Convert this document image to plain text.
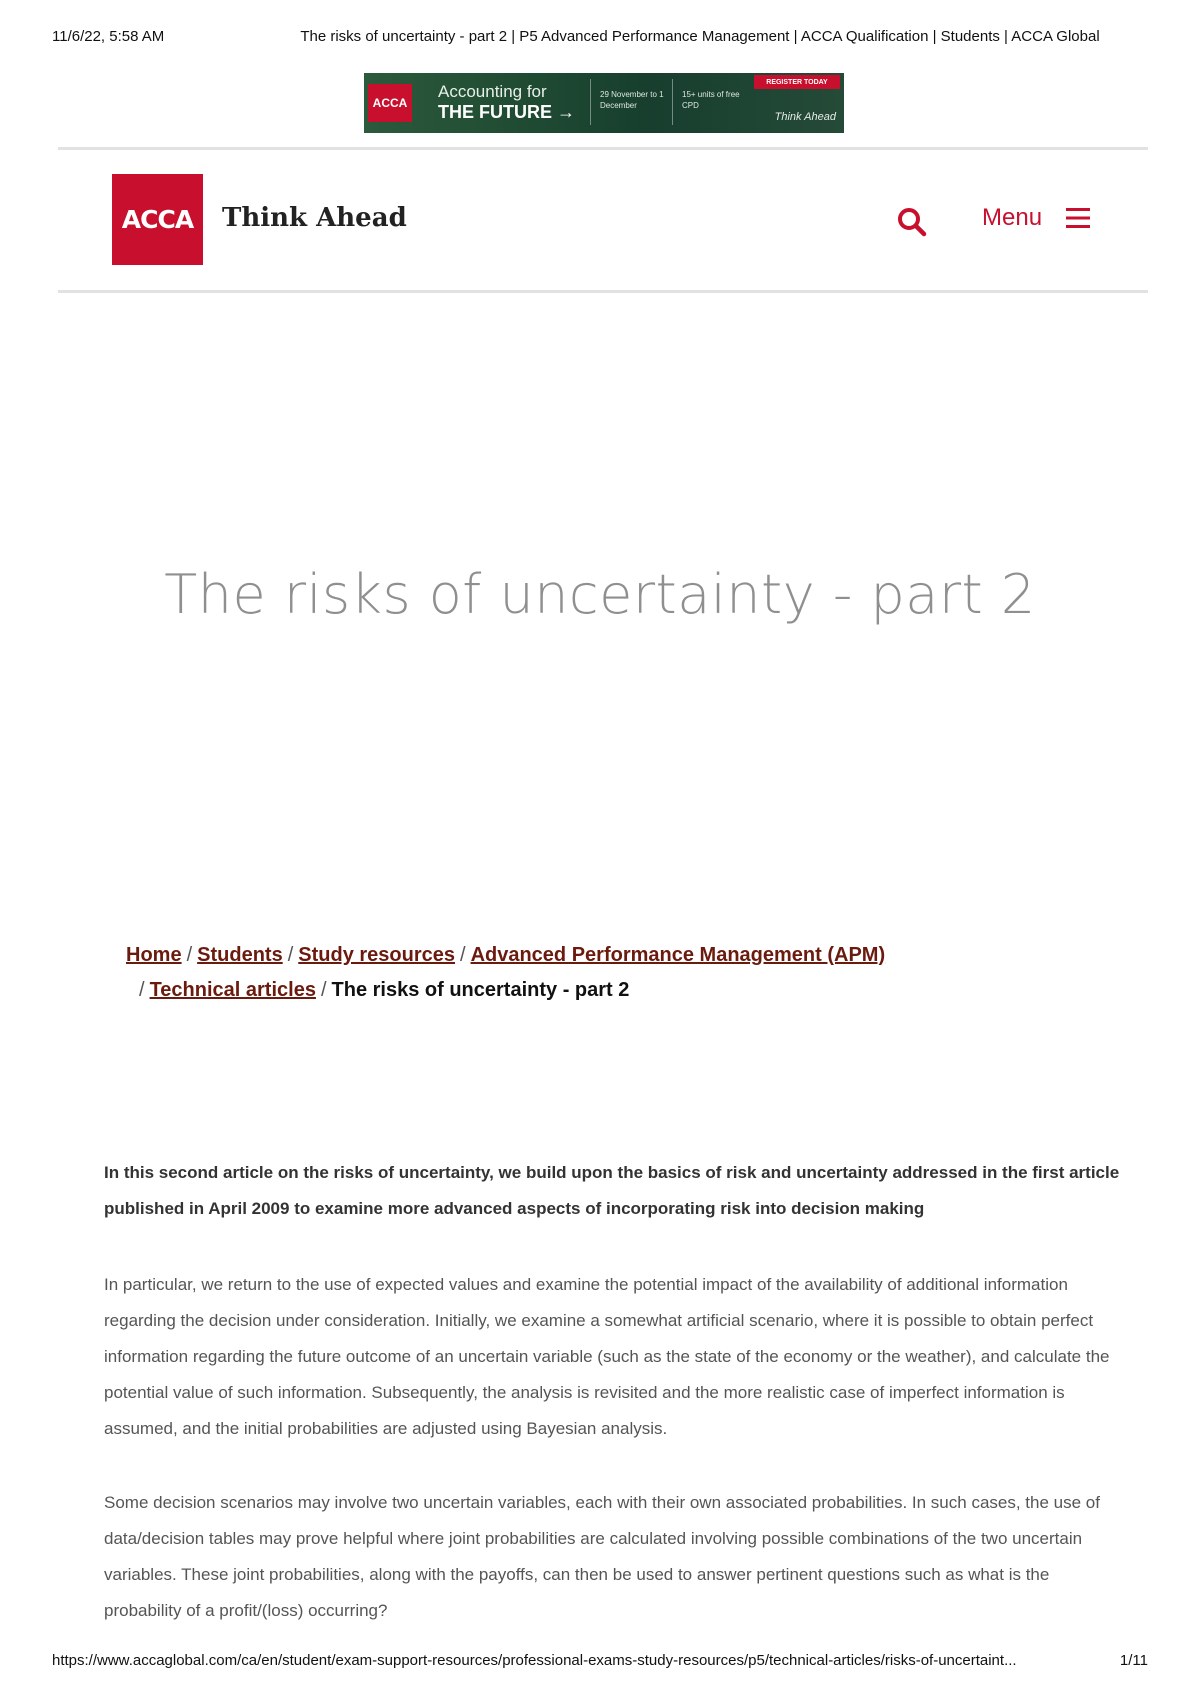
11/6/22, 5:58 AM	The risks of uncertainty - part 2 | P5 Advanced Performance Management | ACCA Qualification | Students | ACCA Global
ACCA
Accounting for
THE FUTURE →
29 November to 1 December
15+ units of free CPD
REGISTER TODAY
Think Ahead
ACCA	Think Ahead	Menu
The risks of uncertainty - part 2
Home / Students / Study resources / Advanced Performance Management (APM)
/ Technical articles / The risks of uncertainty - part 2

In this second article on the risks of uncertainty, we build upon the basics of risk and uncertainty addressed in the first article published in April 2009 to examine more advanced aspects of incorporating risk into decision making

In particular, we return to the use of expected values and examine the potential impact of the availability of additional information regarding the decision under consideration. Initially, we examine a somewhat artificial scenario, where it is possible to obtain perfect information regarding the future outcome of an uncertain variable (such as the state of the economy or the weather), and calculate the potential value of such information. Subsequently, the analysis is revisited and the more realistic case of imperfect information is assumed, and the initial probabilities are adjusted using Bayesian analysis.

Some decision scenarios may involve two uncertain variables, each with their own associated probabilities. In such cases, the use of data/decision tables may prove helpful where joint probabilities are calculated involving possible combinations of the two uncertain variables. These joint probabilities, along with the payoffs, can then be used to answer pertinent questions such as what is the probability of a profit/(loss) occurring?

https://www.accaglobal.com/ca/en/student/exam-support-resources/professional-exams-study-resources/p5/technical-articles/risks-of-uncertaint...	1/11
